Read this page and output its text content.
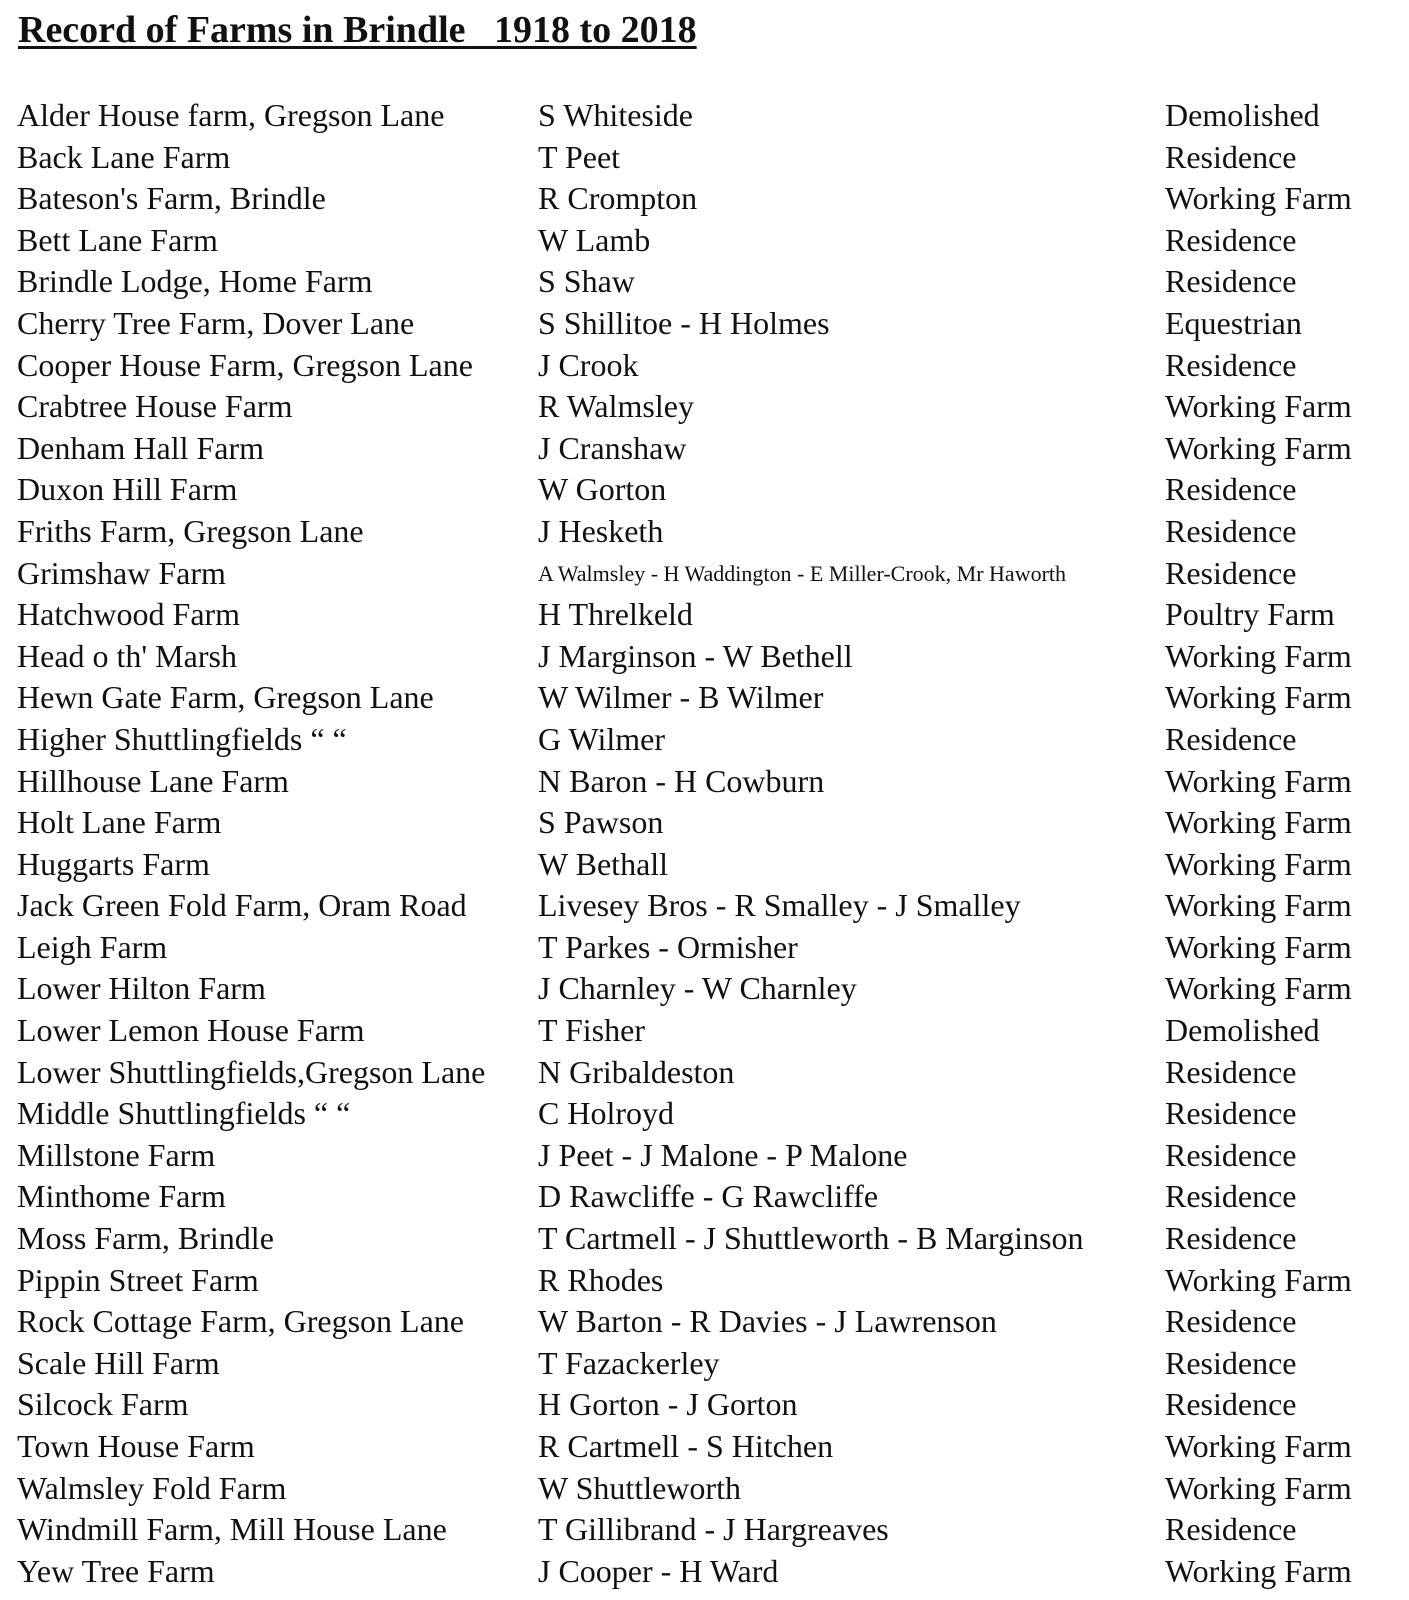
Record of Farms in Brindle   1918 to 2018
Alder House farm, Gregson Lane	S Whiteside	Demolished
Back Lane Farm	T Peet	Residence
Bateson's Farm, Brindle	R Crompton	Working Farm
Bett Lane Farm	W Lamb	Residence
Brindle Lodge, Home Farm	S Shaw	Residence
Cherry Tree Farm, Dover Lane	S Shillitoe - H Holmes	Equestrian
Cooper House Farm, Gregson Lane	J Crook	Residence
Crabtree House Farm	R Walmsley	Working Farm
Denham Hall Farm	J Cranshaw	Working Farm
Duxon Hill Farm	W Gorton	Residence
Friths Farm, Gregson Lane	J Hesketh	Residence
Grimshaw Farm	A Walmsley - H Waddington - E Miller-Crook, Mr Haworth	Residence
Hatchwood Farm	H Threlkeld	Poultry Farm
Head o th' Marsh	J Marginson - W Bethell	Working Farm
Hewn Gate Farm, Gregson Lane	W Wilmer - B Wilmer	Working Farm
Higher Shuttlingfields “ “	G Wilmer	Residence
Hillhouse Lane Farm	N Baron - H Cowburn	Working Farm
Holt Lane Farm	S Pawson	Working Farm
Huggarts Farm	W Bethall	Working Farm
Jack Green Fold Farm, Oram Road	Livesey Bros - R Smalley - J Smalley	Working Farm
Leigh Farm	T Parkes - Ormisher	Working Farm
Lower Hilton Farm	J Charnley - W Charnley	Working Farm
Lower Lemon House Farm	T Fisher	Demolished
Lower Shuttlingfields,Gregson Lane	N Gribaldeston	Residence
Middle Shuttlingfields “ “	C Holroyd	Residence
Millstone Farm	J Peet - J Malone - P Malone	Residence
Minthome Farm	D Rawcliffe - G Rawcliffe	Residence
Moss Farm, Brindle	T Cartmell - J Shuttleworth - B Marginson	Residence
Pippin Street Farm	R Rhodes	Working Farm
Rock Cottage Farm, Gregson Lane	W Barton - R Davies - J Lawrenson	Residence
Scale Hill Farm	T Fazackerley	Residence
Silcock Farm	H Gorton - J Gorton	Residence
Town House Farm	R Cartmell - S Hitchen	Working Farm
Walmsley Fold Farm	W Shuttleworth	Working Farm
Windmill Farm, Mill House Lane	T Gillibrand - J Hargreaves	Residence
Yew Tree Farm	J Cooper - H Ward	Working Farm
